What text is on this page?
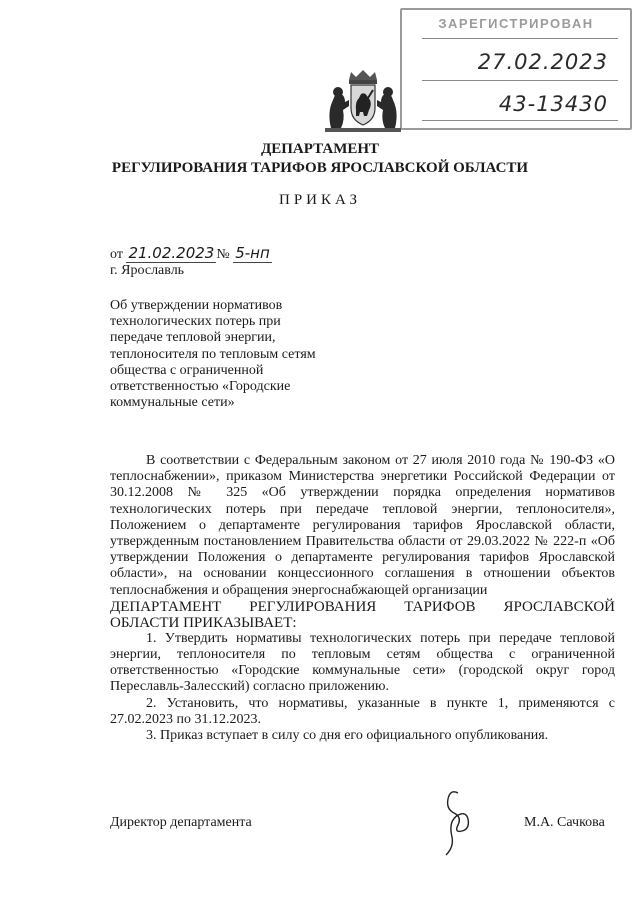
ЗАРЕГИСТРИРОВАН
27.02.2023
43-13430
ДЕПАРТАМЕНТ
РЕГУЛИРОВАНИЯ ТАРИФОВ ЯРОСЛАВСКОЙ ОБЛАСТИ
ПРИКАЗ
от 21.02.2023 № 5-нп
г. Ярославль
Об утверждении нормативов
технологических потерь при
передаче тепловой энергии,
теплоносителя по тепловым сетям
общества с ограниченной
ответственностью «Городские
коммунальные сети»

В соответствии с Федеральным законом от 27 июля 2010 года № 190-ФЗ «О теплоснабжении», приказом Министерства энергетики Российской Федерации от 30.12.2008 № 325 «Об утверждении порядка определения нормативов технологических потерь при передаче тепловой энергии, теплоносителя», Положением о департаменте регулирования тарифов Ярославской области, утвержденным постановлением Правительства области от 29.03.2022 № 222-п «Об утверждении Положения о департаменте регулирования тарифов Ярославской области», на основании концессионного соглашения в отношении объектов теплоснабжения и обращения энергоснабжающей организации

ДЕПАРТАМЕНТ РЕГУЛИРОВАНИЯ ТАРИФОВ ЯРОСЛАВСКОЙ ОБЛАСТИ ПРИКАЗЫВАЕТ:

1. Утвердить нормативы технологических потерь при передаче тепловой энергии, теплоносителя по тепловым сетям общества с ограниченной ответственностью «Городские коммунальные сети» (городской округ город Переславль-Залесский) согласно приложению.

2. Установить, что нормативы, указанные в пункте 1, применяются с 27.02.2023 по 31.12.2023.

3. Приказ вступает в силу со дня его официального опубликования.

Директор департамента	М.А. Сачкова
